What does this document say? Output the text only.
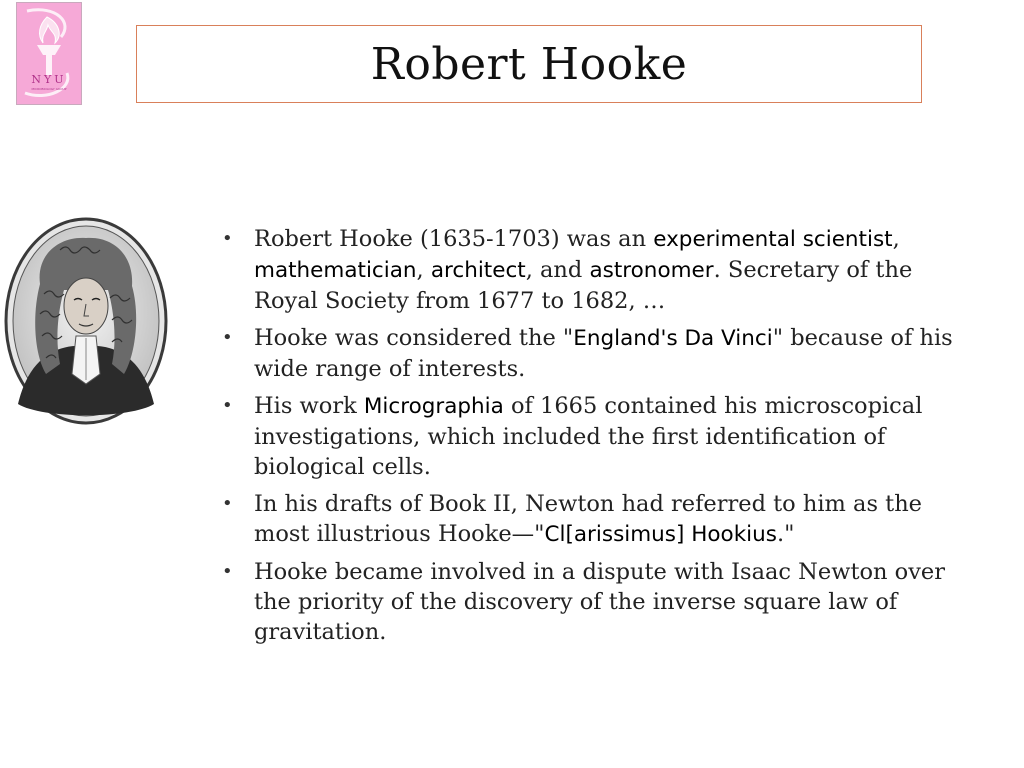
NYU
MICROBIOLOGY GROUP	Robert Hooke
• Robert Hooke (1635-1703) was an experimental scientist, mathematician, architect, and astronomer. Secretary of the Royal Society from 1677 to 1682, …
• Hooke was considered the "England's Da Vinci" because of his wide range of interests.
• His work Micrographia of 1665 contained his microscopical investigations, which included the first identification of biological cells.
• In his drafts of Book II, Newton had referred to him as the most illustrious Hooke—"Cl[arissimus] Hookius."
• Hooke became involved in a dispute with Isaac Newton over the priority of the discovery of the inverse square law of gravitation.
